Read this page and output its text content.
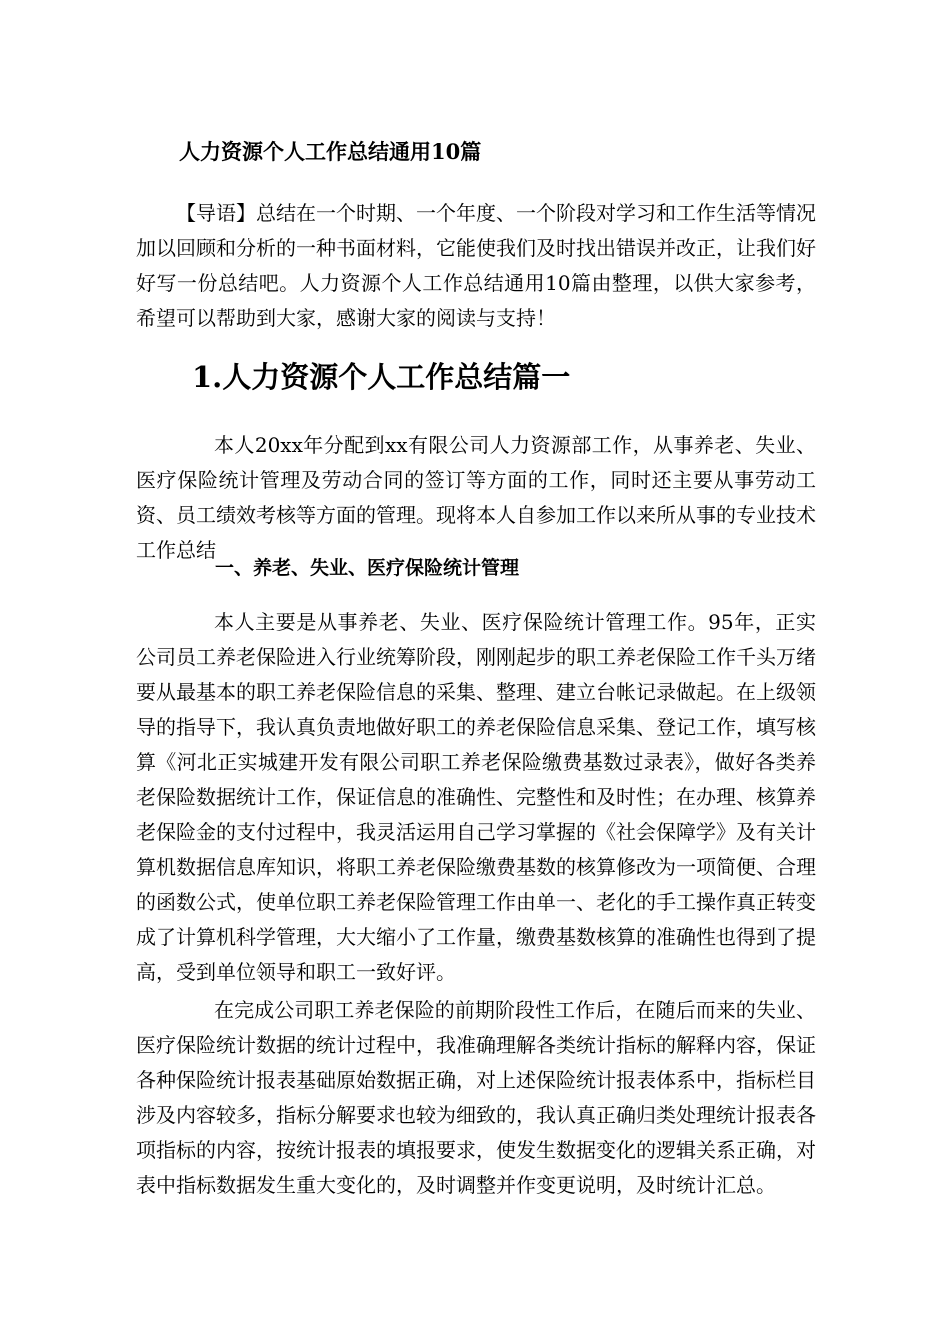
人力资源个人工作总结通用10篇

【导语】总结在一个时期、一个年度、一个阶段对学习和工作生活等情况加以回顾和分析的一种书面材料，它能使我们及时找出错误并改正，让我们好好写一份总结吧。人力资源个人工作总结通用10篇由整理，以供大家参考，希望可以帮助到大家，感谢大家的阅读与支持！

1.人力资源个人工作总结篇一

本人20xx年分配到xx有限公司人力资源部工作，从事养老、失业、医疗保险统计管理及劳动合同的签订等方面的工作，同时还主要从事劳动工资、员工绩效考核等方面的管理。现将本人自参加工作以来所从事的专业技术工作总结

一、养老、失业、医疗保险统计管理

本人主要是从事养老、失业、医疗保险统计管理工作。95年，正实公司员工养老保险进入行业统筹阶段，刚刚起步的职工养老保险工作千头万绪要从最基本的职工养老保险信息的采集、整理、建立台帐记录做起。在上级领导的指导下，我认真负责地做好职工的养老保险信息采集、登记工作，填写核算《河北正实城建开发有限公司职工养老保险缴费基数过录表》，做好各类养老保险数据统计工作，保证信息的准确性、完整性和及时性；在办理、核算养老保险金的支付过程中，我灵活运用自己学习掌握的《社会保障学》及有关计算机数据信息库知识，将职工养老保险缴费基数的核算修改为一项简便、合理的函数公式，使单位职工养老保险管理工作由单一、老化的手工操作真正转变成了计算机科学管理，大大缩小了工作量，缴费基数核算的准确性也得到了提高，受到单位领导和职工一致好评。

在完成公司职工养老保险的前期阶段性工作后，在随后而来的失业、医疗保险统计数据的统计过程中，我准确理解各类统计指标的解释内容，保证各种保险统计报表基础原始数据正确，对上述保险统计报表体系中，指标栏目涉及内容较多，指标分解要求也较为细致的，我认真正确归类处理统计报表各项指标的内容，按统计报表的填报要求，使发生数据变化的逻辑关系正确，对表中指标数据发生重大变化的，及时调整并作变更说明，及时统计汇总。
